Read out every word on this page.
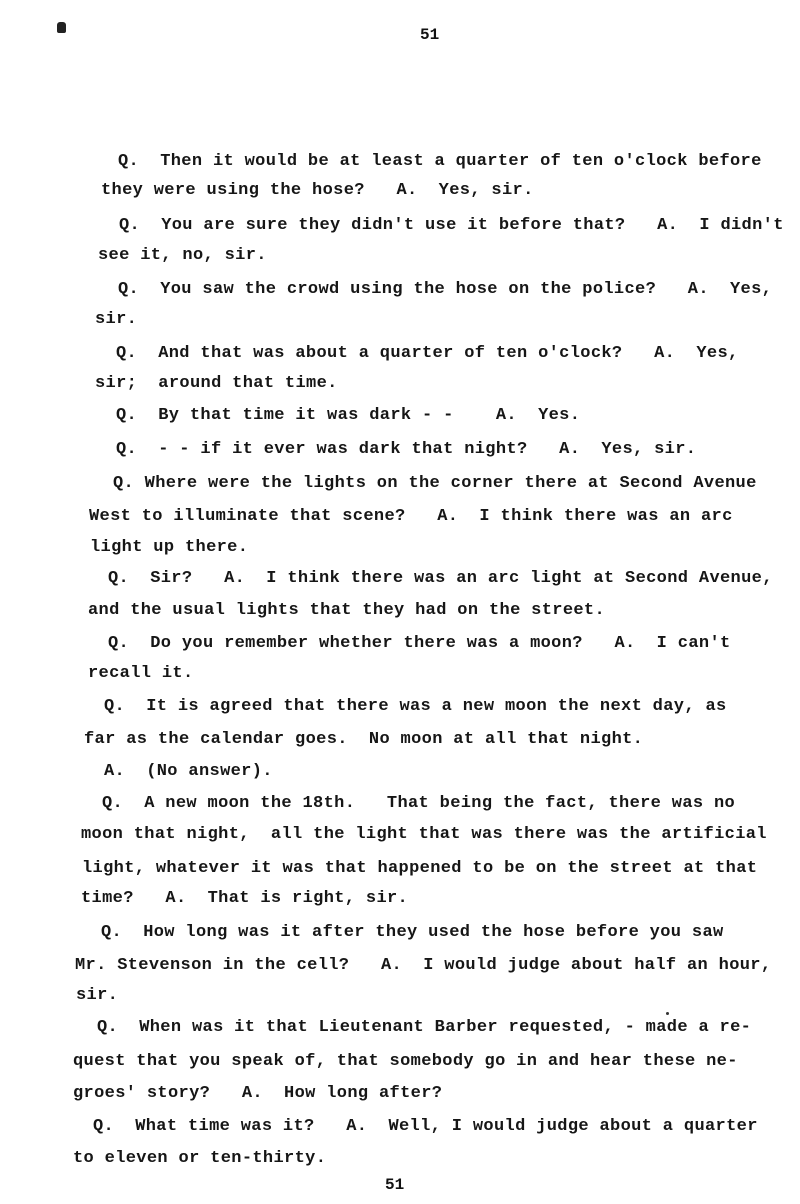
51
Q.  Then it would be at least a quarter of ten o'clock before
they were using the hose?   A.  Yes, sir.
Q.  You are sure they didn't use it before that?   A.  I didn't
see it, no, sir.
Q.  You saw the crowd using the hose on the police?   A.  Yes,
sir.
Q.  And that was about a quarter of ten o'clock?   A.  Yes,
sir;  around that time.
Q.  By that time it was dark - -    A.  Yes.
Q.  - - if it ever was dark that night?   A.  Yes, sir.
Q. Where were the lights on the corner there at Second Avenue
West to illuminate that scene?   A.  I think there was an arc
light up there.
Q.  Sir?   A.  I think there was an arc light at Second Avenue,
and the usual lights that they had on the street.
Q.  Do you remember whether there was a moon?   A.  I can't
recall it.
Q.  It is agreed that there was a new moon the next day, as
far as the calendar goes.  No moon at all that night.
A.  (No answer).
Q.  A new moon the 18th.   That being the fact, there was no
moon that night,  all the light that was there was the artificial
light, whatever it was that happened to be on the street at that
time?   A.  That is right, sir.
Q.  How long was it after they used the hose before you saw
Mr. Stevenson in the cell?   A.  I would judge about half an hour,
sir.
Q.  When was it that Lieutenant Barber requested, - made a re-
quest that you speak of, that somebody go in and hear these ne-
groes' story?   A.  How long after?
Q.  What time was it?   A.  Well, I would judge about a quarter
to eleven or ten-thirty.
51
